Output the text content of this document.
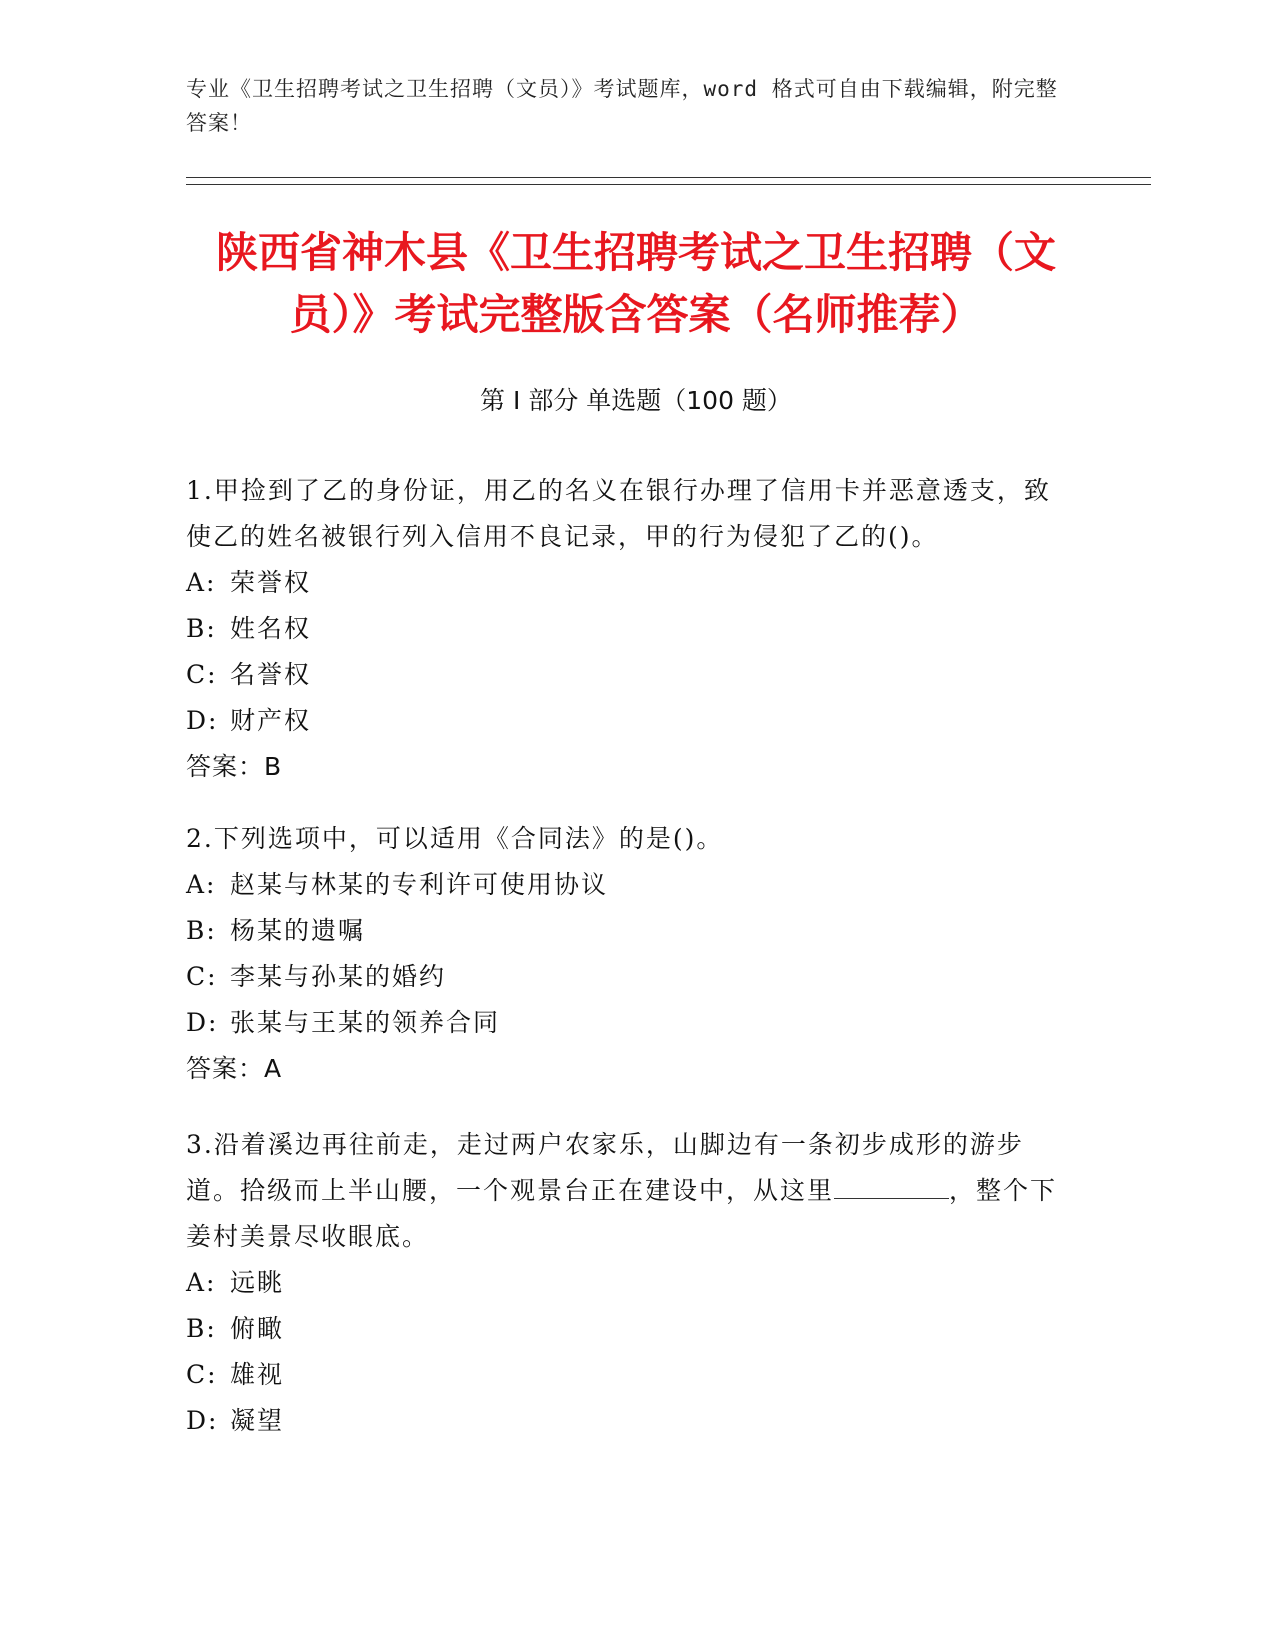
专业《卫生招聘考试之卫生招聘（文员）》考试题库，word 格式可自由下载编辑，附完整答案！
陕西省神木县《卫生招聘考试之卫生招聘（文员）》考试完整版含答案（名师推荐）
第 I 部分 单选题（100 题）
1.甲捡到了乙的身份证，用乙的名义在银行办理了信用卡并恶意透支，致使乙的姓名被银行列入信用不良记录，甲的行为侵犯了乙的()。
A: 荣誉权
B: 姓名权
C: 名誉权
D: 财产权
答案：B
2.下列选项中，可以适用《合同法》的是()。
A: 赵某与林某的专利许可使用协议
B: 杨某的遗嘱
C: 李某与孙某的婚约
D: 张某与王某的领养合同
答案：A
3.沿着溪边再往前走，走过两户农家乐，山脚边有一条初步成形的游步道。拾级而上半山腰，一个观景台正在建设中，从这里	，整个下姜村美景尽收眼底。
A: 远眺
B: 俯瞰
C: 雄视
D: 凝望
